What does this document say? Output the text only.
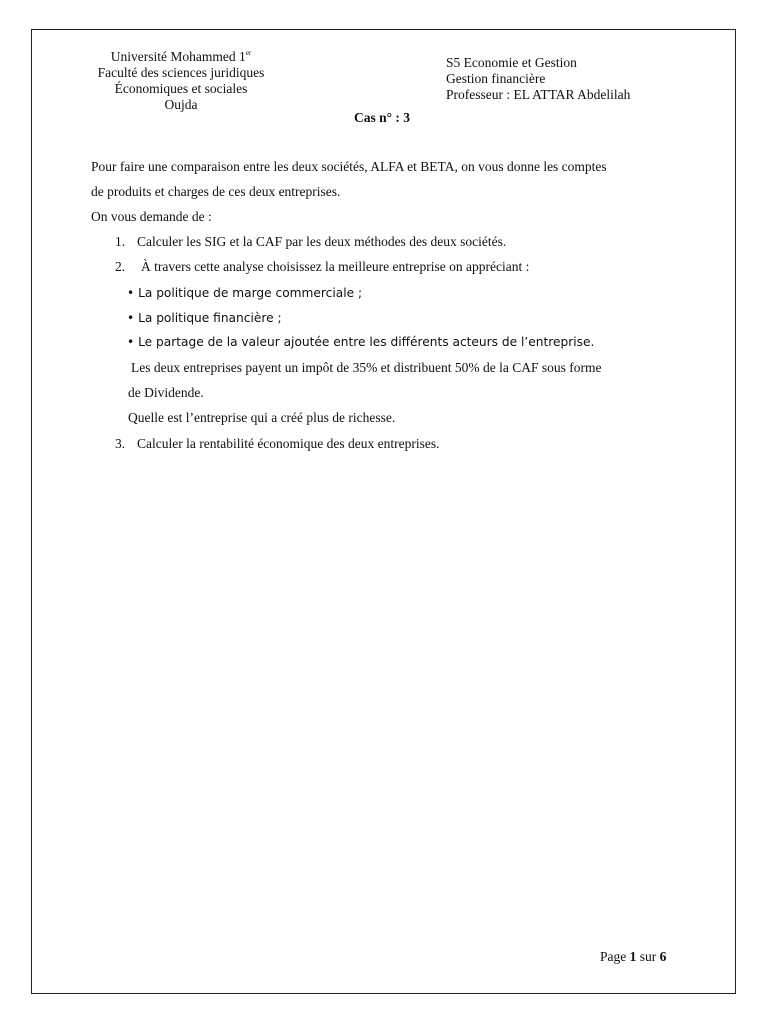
Université Mohammed 1er
Faculté des sciences juridiques
Économiques et sociales
Oujda
S5 Economie et Gestion
Gestion financière
Professeur : EL ATTAR Abdelilah
Cas n° : 3
Pour faire une comparaison entre les deux sociétés, ALFA et BETA, on vous donne les comptes
de produits et charges de ces deux entreprises.
On vous demande de :
1. Calculer les SIG et la CAF par les deux méthodes des deux sociétés.
2. À travers cette analyse choisissez la meilleure entreprise on appréciant :
• La politique de marge commerciale ;
• La politique financière ;
• Le partage de la valeur ajoutée entre les différents acteurs de l’entreprise.
Les deux entreprises payent un impôt de 35% et distribuent 50% de la CAF sous forme
de Dividende.
Quelle est l’entreprise qui a créé plus de richesse.
3. Calculer la rentabilité économique des deux entreprises.
Page 1 sur 6
